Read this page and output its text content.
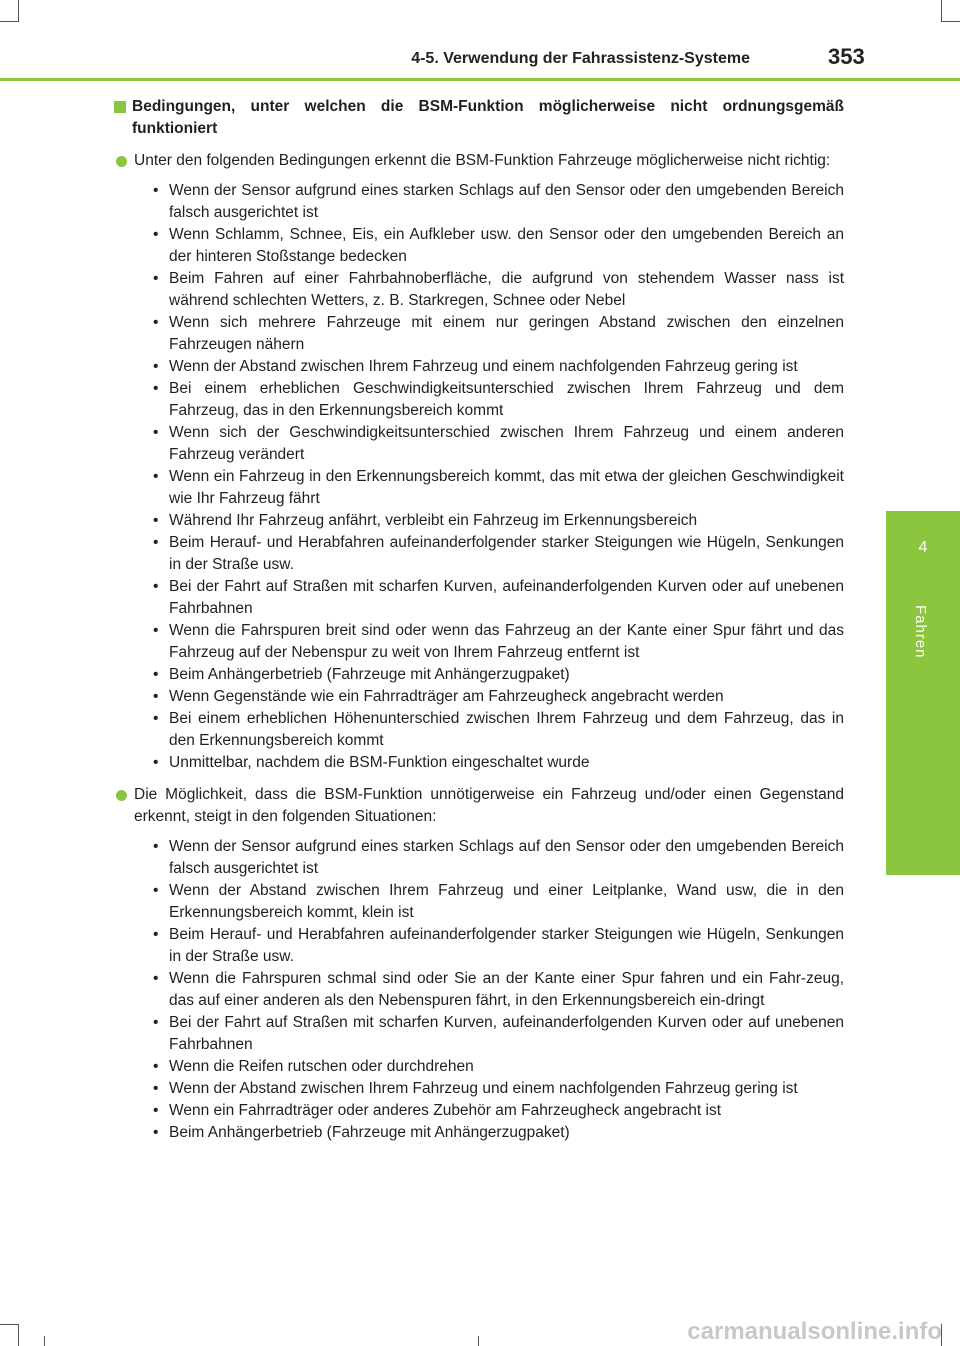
4-5. Verwendung der Fahrassistenz-Systeme	353
4
Fahren
Bedingungen, unter welchen die BSM-Funktion möglicherweise nicht ordnungsgemäß funktioniert
Unter den folgenden Bedingungen erkennt die BSM-Funktion Fahrzeuge möglicherweise nicht richtig:
• Wenn der Sensor aufgrund eines starken Schlags auf den Sensor oder den umgebenden Bereich falsch ausgerichtet ist
• Wenn Schlamm, Schnee, Eis, ein Aufkleber usw. den Sensor oder den umgebenden Bereich an der hinteren Stoßstange bedecken
• Beim Fahren auf einer Fahrbahnoberfläche, die aufgrund von stehendem Wasser nass ist während schlechten Wetters, z. B. Starkregen, Schnee oder Nebel
• Wenn sich mehrere Fahrzeuge mit einem nur geringen Abstand zwischen den einzelnen Fahrzeugen nähern
• Wenn der Abstand zwischen Ihrem Fahrzeug und einem nachfolgenden Fahrzeug gering ist
• Bei einem erheblichen Geschwindigkeitsunterschied zwischen Ihrem Fahrzeug und dem Fahrzeug, das in den Erkennungsbereich kommt
• Wenn sich der Geschwindigkeitsunterschied zwischen Ihrem Fahrzeug und einem anderen Fahrzeug verändert
• Wenn ein Fahrzeug in den Erkennungsbereich kommt, das mit etwa der gleichen Geschwindigkeit wie Ihr Fahrzeug fährt
• Während Ihr Fahrzeug anfährt, verbleibt ein Fahrzeug im Erkennungsbereich
• Beim Herauf- und Herabfahren aufeinanderfolgender starker Steigungen wie Hügeln, Senkungen in der Straße usw.
• Bei der Fahrt auf Straßen mit scharfen Kurven, aufeinanderfolgenden Kurven oder auf unebenen Fahrbahnen
• Wenn die Fahrspuren breit sind oder wenn das Fahrzeug an der Kante einer Spur fährt und das Fahrzeug auf der Nebenspur zu weit von Ihrem Fahrzeug entfernt ist
• Beim Anhängerbetrieb (Fahrzeuge mit Anhängerzugpaket)
• Wenn Gegenstände wie ein Fahrradträger am Fahrzeugheck angebracht werden
• Bei einem erheblichen Höhenunterschied zwischen Ihrem Fahrzeug und dem Fahrzeug, das in den Erkennungsbereich kommt
• Unmittelbar, nachdem die BSM-Funktion eingeschaltet wurde
Die Möglichkeit, dass die BSM-Funktion unnötigerweise ein Fahrzeug und/oder einen Gegenstand erkennt, steigt in den folgenden Situationen:
• Wenn der Sensor aufgrund eines starken Schlags auf den Sensor oder den umgebenden Bereich falsch ausgerichtet ist
• Wenn der Abstand zwischen Ihrem Fahrzeug und einer Leitplanke, Wand usw, die in den Erkennungsbereich kommt, klein ist
• Beim Herauf- und Herabfahren aufeinanderfolgender starker Steigungen wie Hügeln, Senkungen in der Straße usw.
• Wenn die Fahrspuren schmal sind oder Sie an der Kante einer Spur fahren und ein Fahr-zeug, das auf einer anderen als den Nebenspuren fährt, in den Erkennungsbereich ein-dringt
• Bei der Fahrt auf Straßen mit scharfen Kurven, aufeinanderfolgenden Kurven oder auf unebenen Fahrbahnen
• Wenn die Reifen rutschen oder durchdrehen
• Wenn der Abstand zwischen Ihrem Fahrzeug und einem nachfolgenden Fahrzeug gering ist
• Wenn ein Fahrradträger oder anderes Zubehör am Fahrzeugheck angebracht ist
• Beim Anhängerbetrieb (Fahrzeuge mit Anhängerzugpaket)
carmanualsonline.info
